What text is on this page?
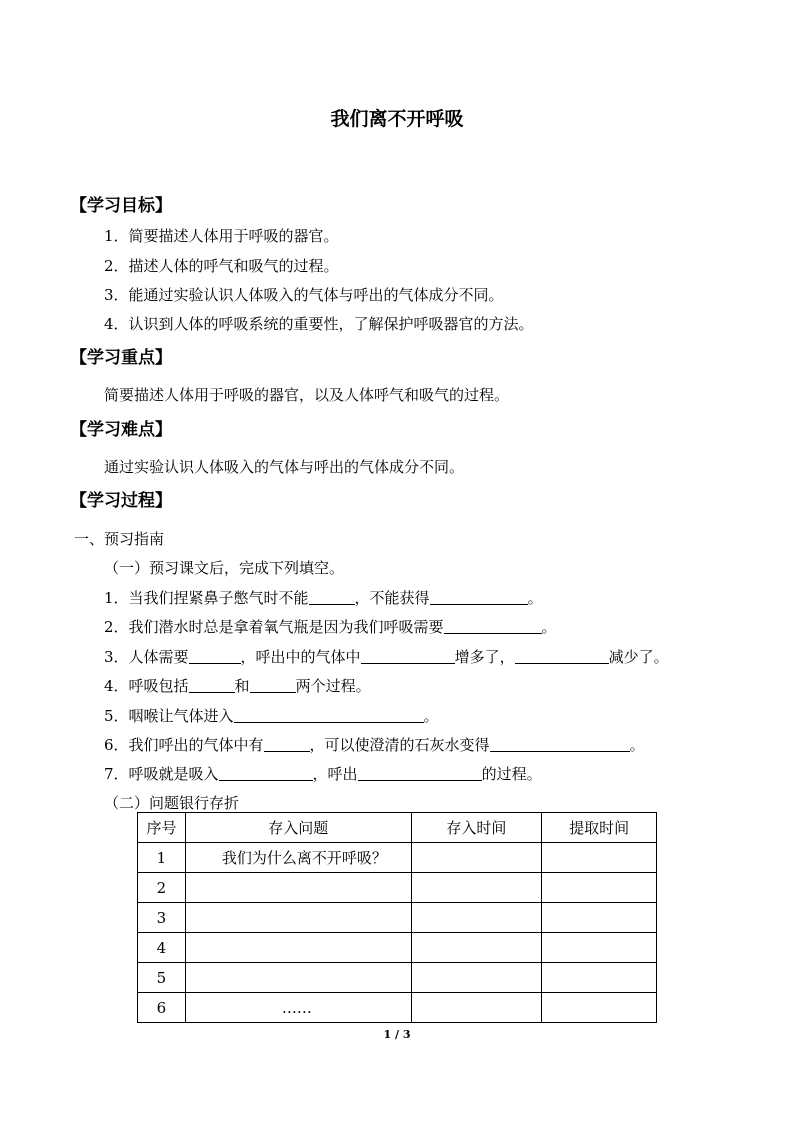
我们离不开呼吸
【学习目标】
1．简要描述人体用于呼吸的器官。
2．描述人体的呼气和吸气的过程。
3．能通过实验认识人体吸入的气体与呼出的气体成分不同。
4．认识到人体的呼吸系统的重要性，了解保护呼吸器官的方法。
【学习重点】
简要描述人体用于呼吸的器官，以及人体呼气和吸气的过程。
【学习难点】
通过实验认识人体吸入的气体与呼出的气体成分不同。
【学习过程】
一、预习指南
（一）预习课文后，完成下列填空。
1．当我们捏紧鼻子憋气时不能	，不能获得	。
2．我们潜水时总是拿着氧气瓶是因为我们呼吸需要	。
3．人体需要	，呼出中的气体中	增多了，	减少了。
4．呼吸包括	和	两个过程。
5．咽喉让气体进入	。
6．我们呼出的气体中有	，可以使澄清的石灰水变得	。
7．呼吸就是吸入	，呼出	的过程。
（二）问题银行存折
序号	存入问题	存入时间	提取时间
1	我们为什么离不开呼吸？		
2			
3			
4			
5			
6	……		
1 / 3
